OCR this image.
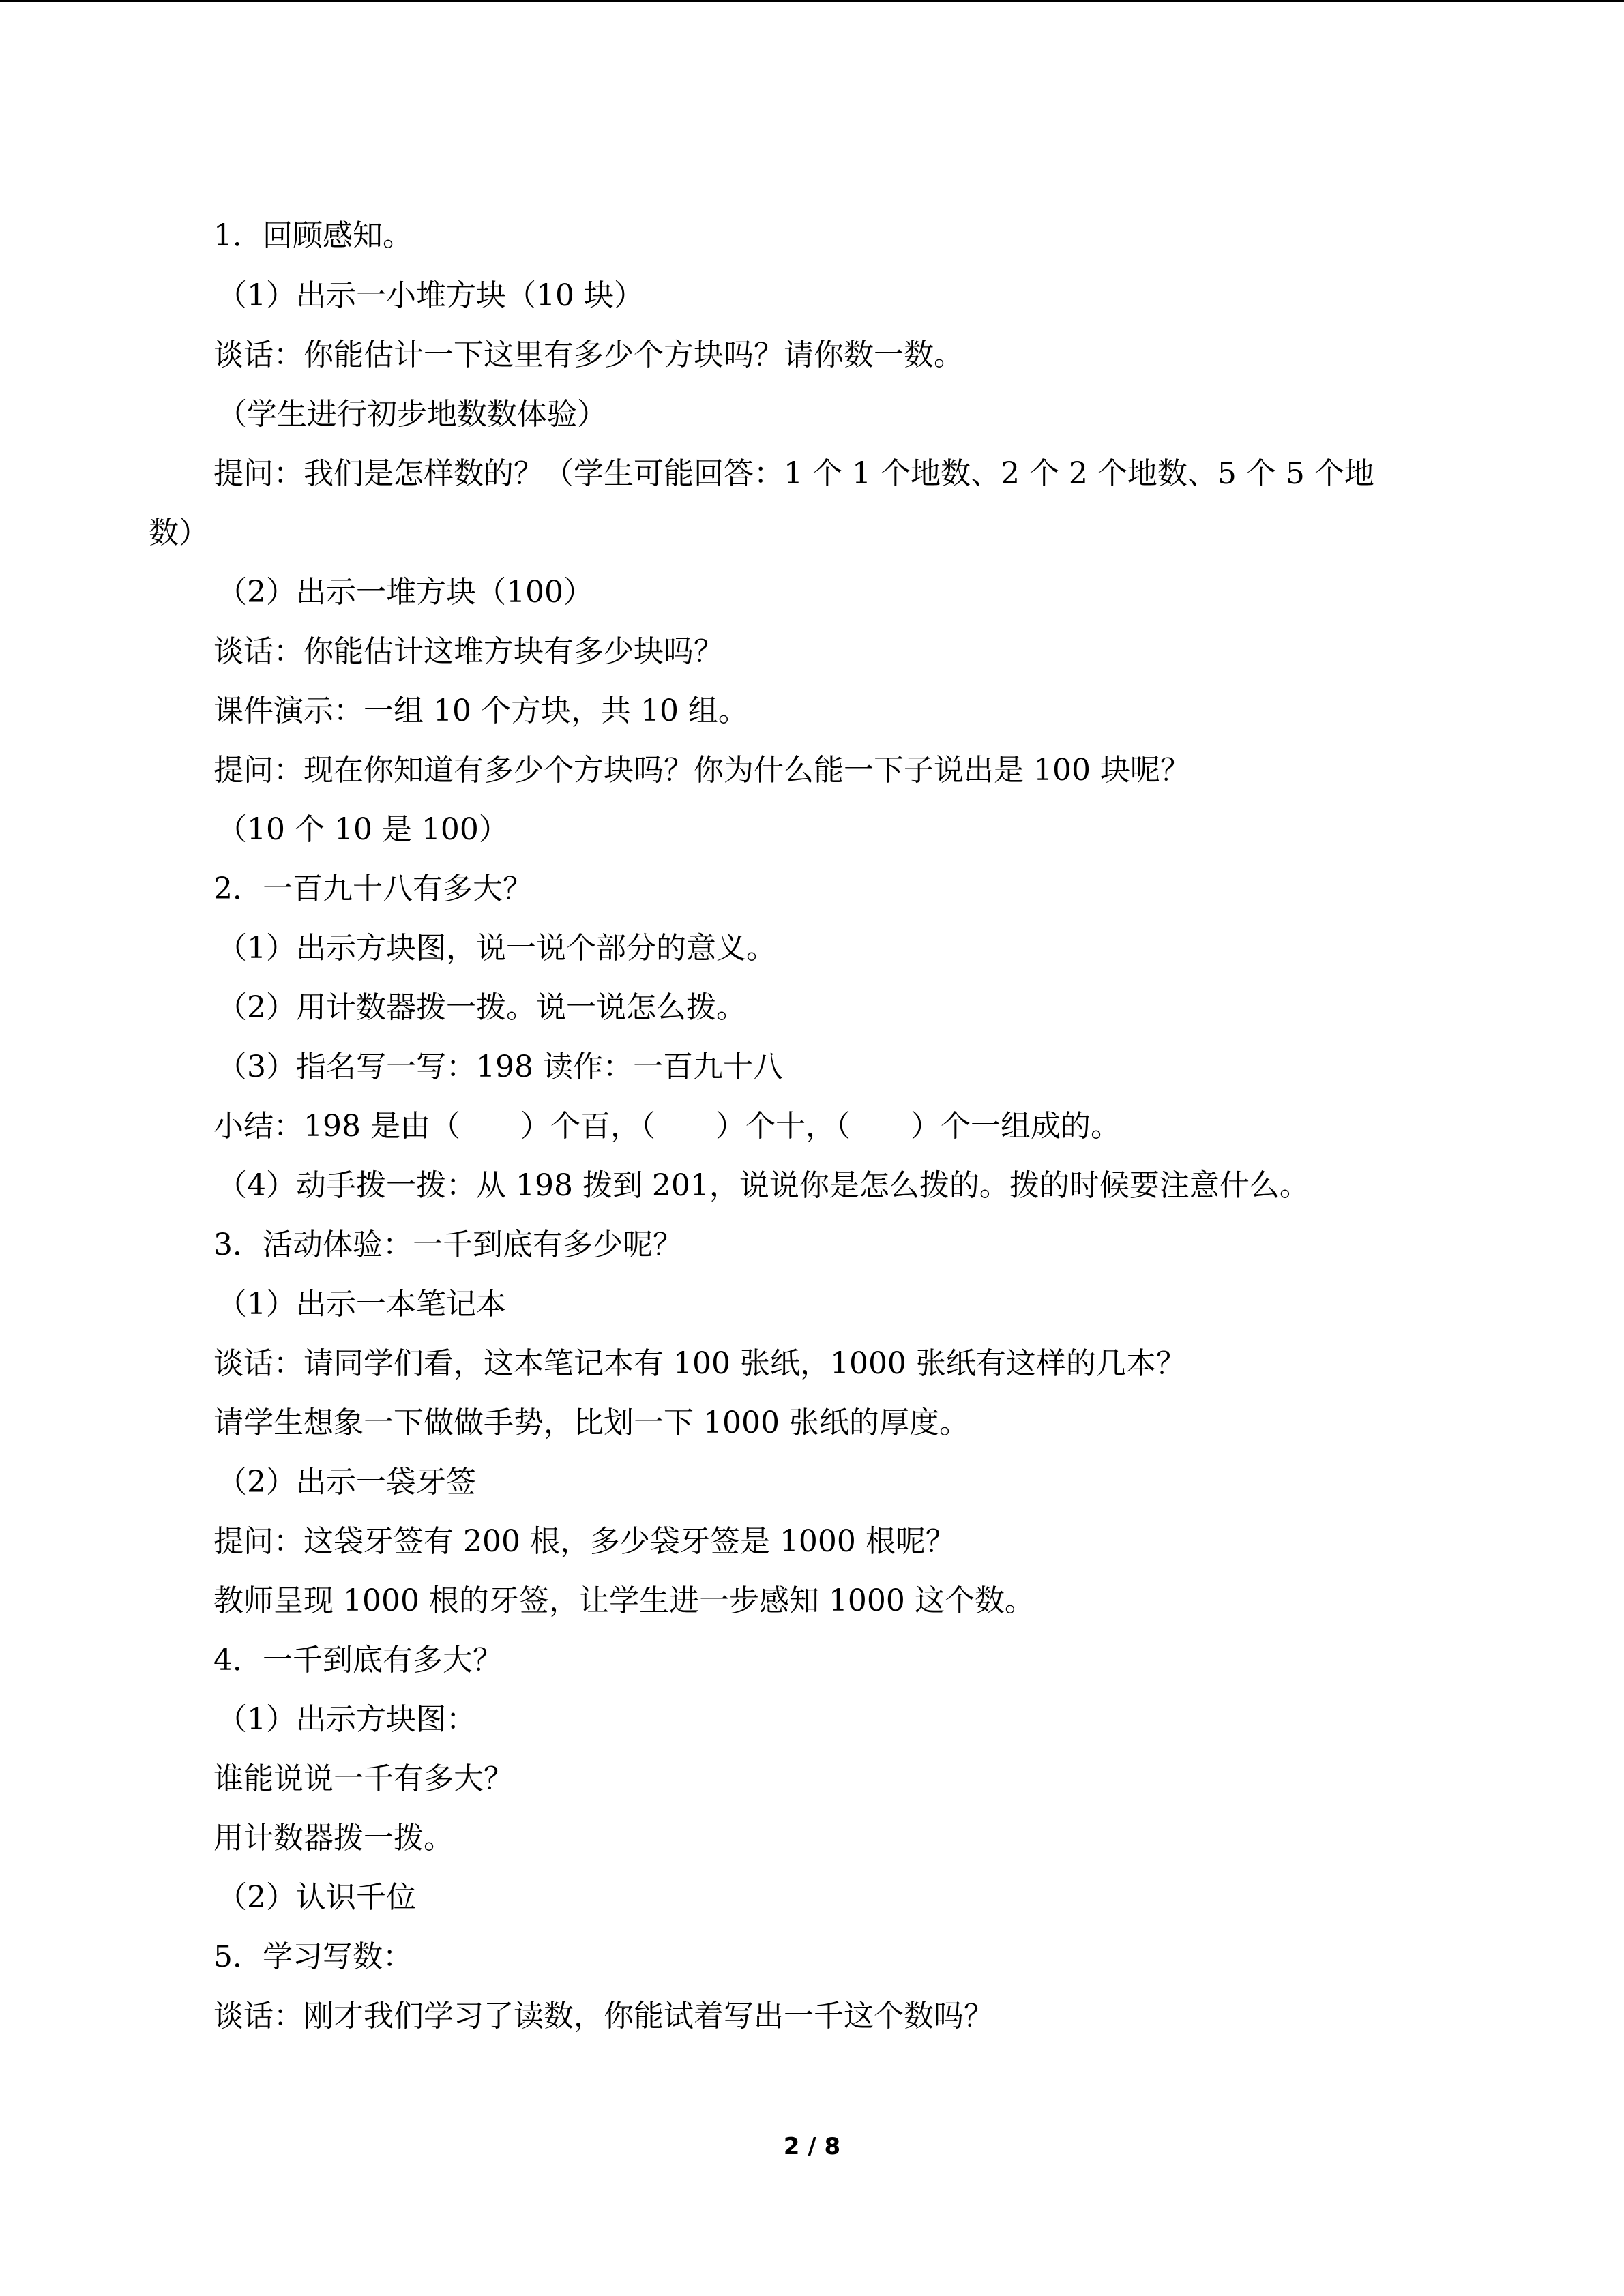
1．回顾感知。
（1）出示一小堆方块（10 块）
谈话：你能估计一下这里有多少个方块吗？请你数一数。
（学生进行初步地数数体验）
提问：我们是怎样数的？（学生可能回答：1 个 1 个地数、2 个 2 个地数、5 个 5 个地
数）
（2）出示一堆方块（100）
谈话：你能估计这堆方块有多少块吗？
课件演示：一组 10 个方块，共 10 组。
提问：现在你知道有多少个方块吗？你为什么能一下子说出是 100 块呢？
（10 个 10 是 100）
2．一百九十八有多大？
（1）出示方块图，说一说个部分的意义。
（2）用计数器拨一拨。说一说怎么拨。
（3）指名写一写：198 读作：一百九十八
小结：198 是由（　　）个百，（　　）个十，（　　）个一组成的。
（4）动手拨一拨：从 198 拨到 201，说说你是怎么拨的。拨的时候要注意什么。
3．活动体验：一千到底有多少呢？
（1）出示一本笔记本
谈话：请同学们看，这本笔记本有 100 张纸，1000 张纸有这样的几本？
请学生想象一下做做手势，比划一下 1000 张纸的厚度。
（2）出示一袋牙签
提问：这袋牙签有 200 根，多少袋牙签是 1000 根呢？
教师呈现 1000 根的牙签，让学生进一步感知 1000 这个数。
4．一千到底有多大？
（1）出示方块图：
谁能说说一千有多大？
用计数器拨一拨。
（2）认识千位
5．学习写数：
谈话：刚才我们学习了读数，你能试着写出一千这个数吗？
2 / 8
